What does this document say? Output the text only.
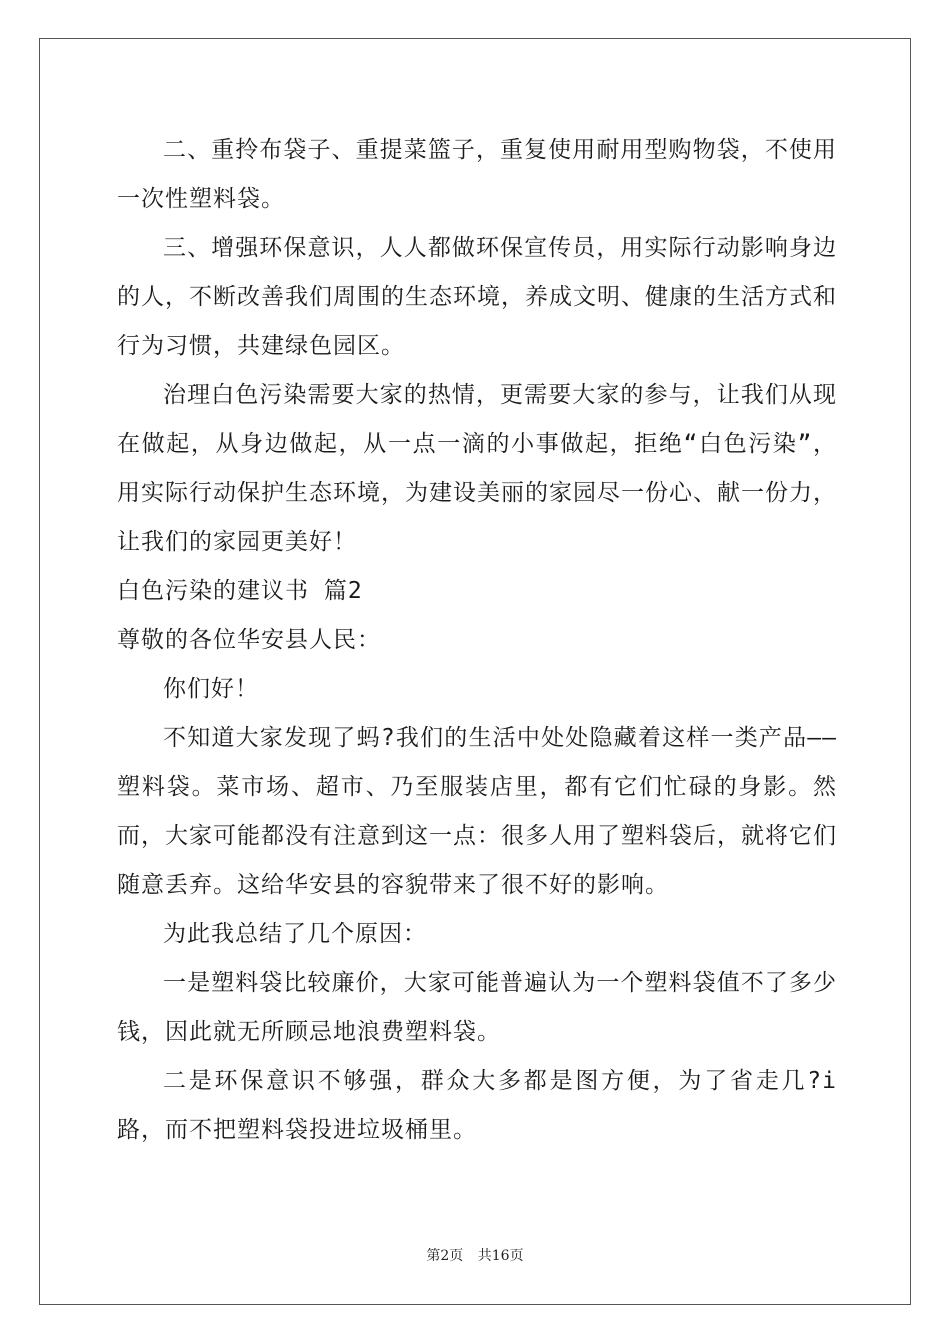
二、重拎布袋子、重提菜篮子，重复使用耐用型购物袋，不使用一次性塑料袋。

三、增强环保意识，人人都做环保宣传员，用实际行动影响身边的人，不断改善我们周围的生态环境，养成文明、健康的生活方式和行为习惯，共建绿色园区。

治理白色污染需要大家的热情，更需要大家的参与，让我们从现在做起，从身边做起，从一点一滴的小事做起，拒绝“白色污染”，用实际行动保护生态环境，为建设美丽的家园尽一份心、献一份力，让我们的家园更美好！

白色污染的建议书 篇2

尊敬的各位华安县人民：

你们好！

不知道大家发现了蚂?我们的生活中处处隐藏着这样一类产品——塑料袋。菜市场、超市、乃至服装店里，都有它们忙碌的身影。然而，大家可能都没有注意到这一点：很多人用了塑料袋后，就将它们随意丢弃。这给华安县的容貌带来了很不好的影响。

为此我总结了几个原因：

一是塑料袋比较廉价，大家可能普遍认为一个塑料袋值不了多少钱，因此就无所顾忌地浪费塑料袋。

二是环保意识不够强，群众大多都是图方便，为了省走几?i路，而不把塑料袋投进垃圾桶里。

第2页 共16页
